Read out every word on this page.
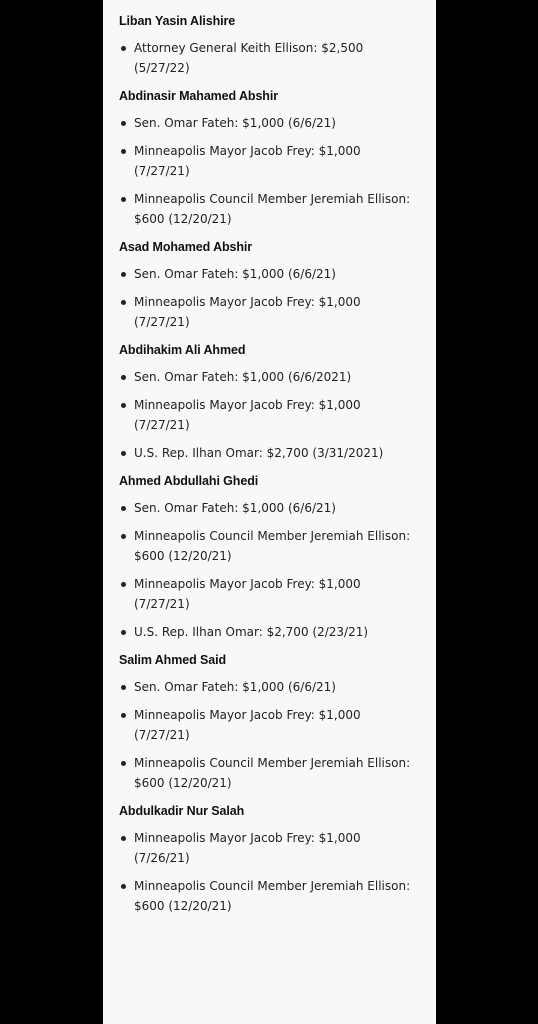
Liban Yasin Alishire

Attorney General Keith Ellison: $2,500
(5/27/22)

Abdinasir Mahamed Abshir

Sen. Omar Fateh: $1,000 (6/6/21)
Minneapolis Mayor Jacob Frey: $1,000
(7/27/21)
Minneapolis Council Member Jeremiah Ellison:
$600 (12/20/21)

Asad Mohamed Abshir

Sen. Omar Fateh: $1,000 (6/6/21)
Minneapolis Mayor Jacob Frey: $1,000
(7/27/21)

Abdihakim Ali Ahmed

Sen. Omar Fateh: $1,000 (6/6/2021)
Minneapolis Mayor Jacob Frey: $1,000
(7/27/21)
U.S. Rep. Ilhan Omar: $2,700 (3/31/2021)

Ahmed Abdullahi Ghedi

Sen. Omar Fateh: $1,000 (6/6/21)
Minneapolis Council Member Jeremiah Ellison:
$600 (12/20/21)
Minneapolis Mayor Jacob Frey: $1,000
(7/27/21)
U.S. Rep. Ilhan Omar: $2,700 (2/23/21)

Salim Ahmed Said

Sen. Omar Fateh: $1,000 (6/6/21)
Minneapolis Mayor Jacob Frey: $1,000
(7/27/21)
Minneapolis Council Member Jeremiah Ellison:
$600 (12/20/21)

Abdulkadir Nur Salah

Minneapolis Mayor Jacob Frey: $1,000
(7/26/21)
Minneapolis Council Member Jeremiah Ellison:
$600 (12/20/21)
